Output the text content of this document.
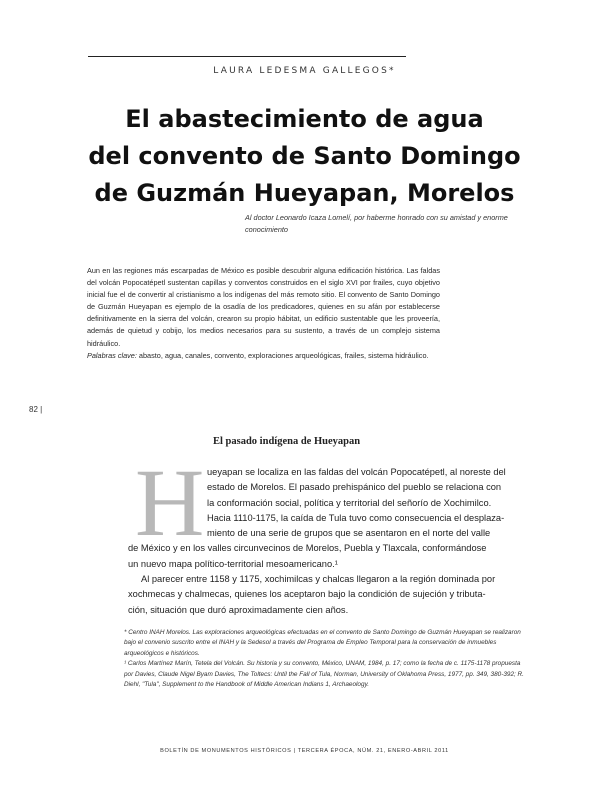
LAURA LEDESMA GALLEGOS*
El abastecimiento de agua
del convento de Santo Domingo
de Guzmán Hueyapan, Morelos
Al doctor Leonardo Icaza Lomelí, por haberme honrado con su amistad y enorme conocimiento
Aun en las regiones más escarpadas de México es posible descubrir alguna edificación histórica. Las faldas del volcán Popocatépetl sustentan capillas y conventos construidos en el siglo XVI por frailes, cuyo objetivo inicial fue el de convertir al cristianismo a los indígenas del más remoto sitio. El convento de Santo Domingo de Guzmán Hueyapan es ejemplo de la osadía de los predicadores, quienes en su afán por establecerse definitivamente en la sierra del volcán, crearon su propio hábitat, un edificio sustentable que les proveería, además de quietud y cobijo, los medios necesarios para su sustento, a través de un complejo sistema hidráulico.
Palabras clave: abasto, agua, canales, convento, exploraciones arqueológicas, frailes, sistema hidráulico.
82 |
El pasado indígena de Hueyapan
H ueyapan se localiza en las faldas del volcán Popocatépetl, al noreste del
estado de Morelos. El pasado prehispánico del pueblo se relaciona con
la conformación social, política y territorial del señorío de Xochimilco.
Hacia 1110-1175, la caída de Tula tuvo como consecuencia el desplaza-
miento de una serie de grupos que se asentaron en el norte del valle
de México y en los valles circunvecinos de Morelos, Puebla y Tlaxcala, conformándose
un nuevo mapa político-territorial mesoamericano.¹
Al parecer entre 1158 y 1175, xochimilcas y chalcas llegaron a la región dominada por
xochmecas y chalmecas, quienes los aceptaron bajo la condición de sujeción y tributa-
ción, situación que duró aproximadamente cien años.
* Centro INAH Morelos. Las exploraciones arqueológicas efectuadas en el convento de Santo Domingo de Guzmán Hueyapan se realizaron bajo el convenio suscrito entre el INAH y la Sedesol a través del Programa de Empleo Temporal para la conservación de inmuebles arqueológicos e históricos.
¹ Carlos Martínez Marín, Tetela del Volcán. Su historia y su convento, México, UNAM, 1984, p. 17; como la fecha de c. 1175-1178 propuesta por Davies, Claude Nigel Byam Davies, The Toltecs: Until the Fall of Tula, Norman, University of Oklahoma Press, 1977, pp. 349, 380-392; R. Diehl, "Tula", Supplement to the Handbook of Middle American Indians 1, Archaeology.
BOLETÍN DE MONUMENTOS HISTÓRICOS | TERCERA ÉPOCA, NÚM. 21, ENERO-ABRIL 2011
